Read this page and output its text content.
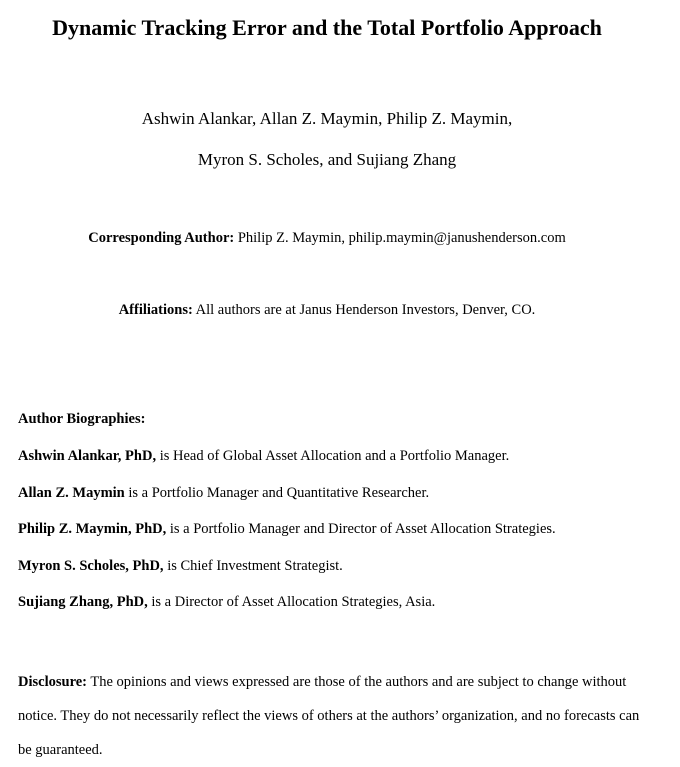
Dynamic Tracking Error and the Total Portfolio Approach
Ashwin Alankar, Allan Z. Maymin, Philip Z. Maymin,
Myron S. Scholes, and Sujiang Zhang
Corresponding Author: Philip Z. Maymin, philip.maymin@janushenderson.com
Affiliations: All authors are at Janus Henderson Investors, Denver, CO.
Author Biographies:
Ashwin Alankar, PhD, is Head of Global Asset Allocation and a Portfolio Manager.
Allan Z. Maymin is a Portfolio Manager and Quantitative Researcher.
Philip Z. Maymin, PhD, is a Portfolio Manager and Director of Asset Allocation Strategies.
Myron S. Scholes, PhD, is Chief Investment Strategist.
Sujiang Zhang, PhD, is a Director of Asset Allocation Strategies, Asia.
Disclosure: The opinions and views expressed are those of the authors and are subject to change without notice. They do not necessarily reflect the views of others at the authors’ organization, and no forecasts can be guaranteed.
